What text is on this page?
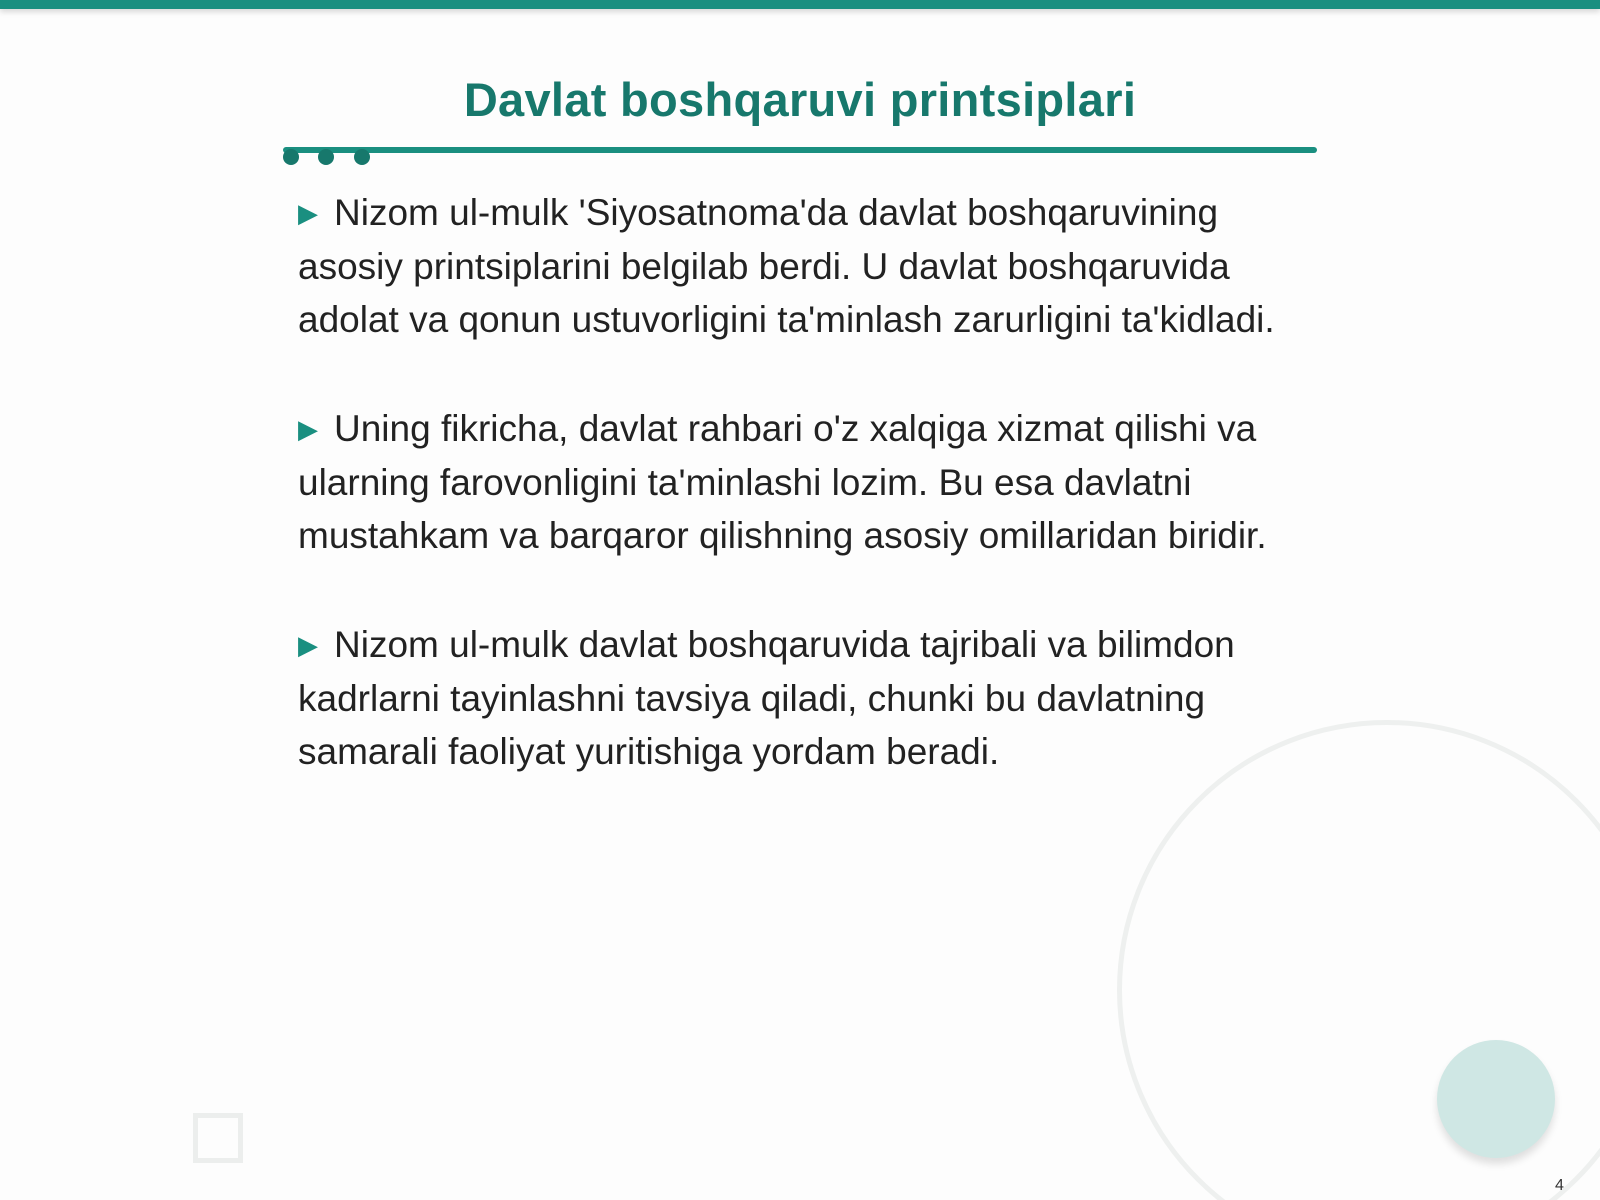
Davlat boshqaruvi printsiplari

▶ Nizom ul-mulk 'Siyosatnoma'da davlat boshqaruvining asosiy printsiplarini belgilab berdi. U davlat boshqaruvida adolat va qonun ustuvorligini ta'minlash zarurligini ta'kidladi.

▶ Uning fikricha, davlat rahbari o'z xalqiga xizmat qilishi va ularning farovonligini ta'minlashi lozim. Bu esa davlatni mustahkam va barqaror qilishning asosiy omillaridan biridir.

▶ Nizom ul-mulk davlat boshqaruvida tajribali va bilimdon kadrlarni tayinlashni tavsiya qiladi, chunki bu davlatning samarali faoliyat yuritishiga yordam beradi.

4
